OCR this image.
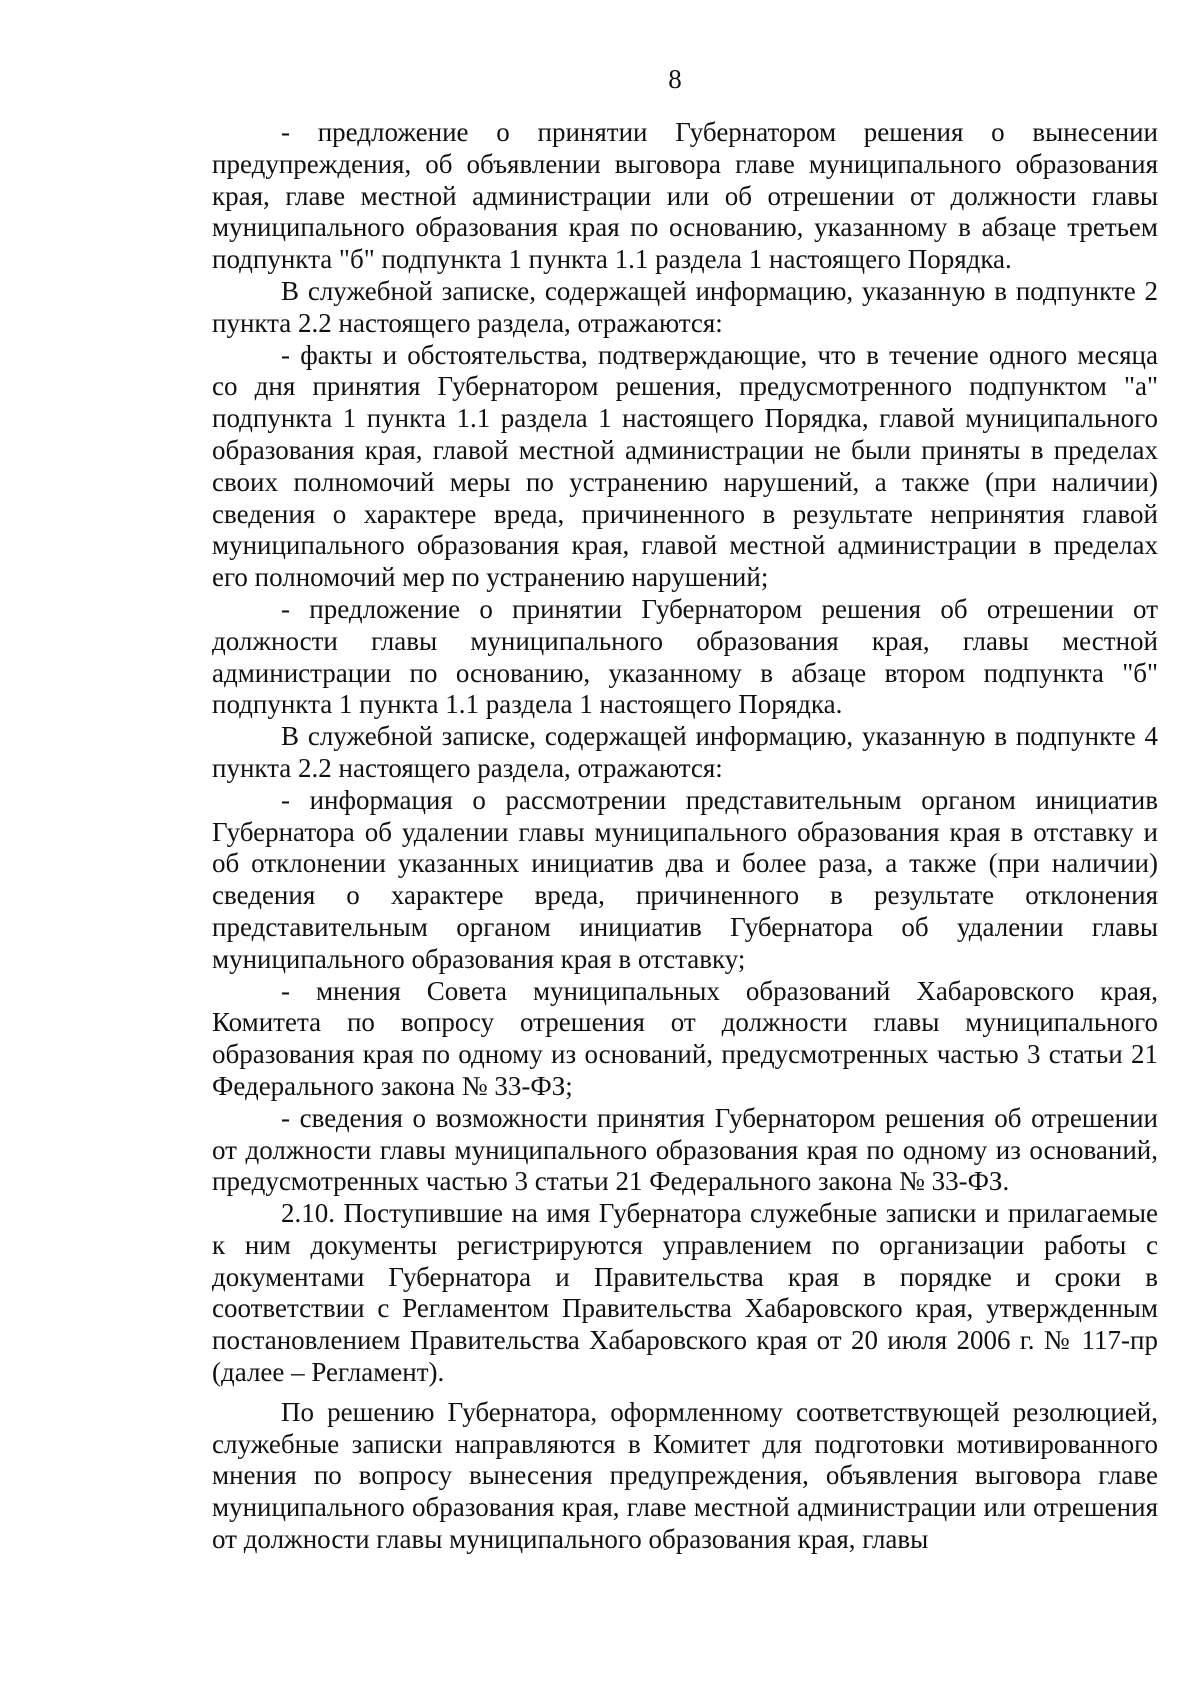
8

- предложение о принятии Губернатором решения о вынесении предупреждения, об объявлении выговора главе муниципального образования края, главе местной администрации или об отрешении от должности главы муниципального образования края по основанию, указанному в абзаце третьем подпункта "б" подпункта 1 пункта 1.1 раздела 1 настоящего Порядка.

В служебной записке, содержащей информацию, указанную в подпункте 2 пункта 2.2 настоящего раздела, отражаются:

- факты и обстоятельства, подтверждающие, что в течение одного месяца со дня принятия Губернатором решения, предусмотренного подпунктом "а" подпункта 1 пункта 1.1 раздела 1 настоящего Порядка, главой муниципального образования края, главой местной администрации не были приняты в пределах своих полномочий меры по устранению нарушений, а также (при наличии) сведения о характере вреда, причиненного в результате непринятия главой муниципального образования края, главой местной администрации в пределах его полномочий мер по устранению нарушений;

- предложение о принятии Губернатором решения об отрешении от должности главы муниципального образования края, главы местной администрации по основанию, указанному в абзаце втором подпункта "б" подпункта 1 пункта 1.1 раздела 1 настоящего Порядка.

В служебной записке, содержащей информацию, указанную в подпункте 4 пункта 2.2 настоящего раздела, отражаются:

- информация о рассмотрении представительным органом инициатив Губернатора об удалении главы муниципального образования края в отставку и об отклонении указанных инициатив два и более раза, а также (при наличии) сведения о характере вреда, причиненного в результате отклонения представительным органом инициатив Губернатора об удалении главы муниципального образования края в отставку;

- мнения Совета муниципальных образований Хабаровского края, Комитета по вопросу отрешения от должности главы муниципального образования края по одному из оснований, предусмотренных частью 3 статьи 21 Федерального закона № 33-ФЗ;

- сведения о возможности принятия Губернатором решения об отрешении от должности главы муниципального образования края по одному из оснований, предусмотренных частью 3 статьи 21 Федерального закона № 33-ФЗ.

2.10. Поступившие на имя Губернатора служебные записки и прилагаемые к ним документы регистрируются управлением по организации работы с документами Губернатора и Правительства края в порядке и сроки в соответствии с Регламентом Правительства Хабаровского края, утвержденным постановлением Правительства Хабаровского края от 20 июля 2006 г. № 117-пр (далее – Регламент).

По решению Губернатора, оформленному соответствующей резолюцией, служебные записки направляются в Комитет для подготовки мотивированного мнения по вопросу вынесения предупреждения, объявления выговора главе муниципального образования края, главе местной администрации или отрешения от должности главы муниципального образования края, главы
